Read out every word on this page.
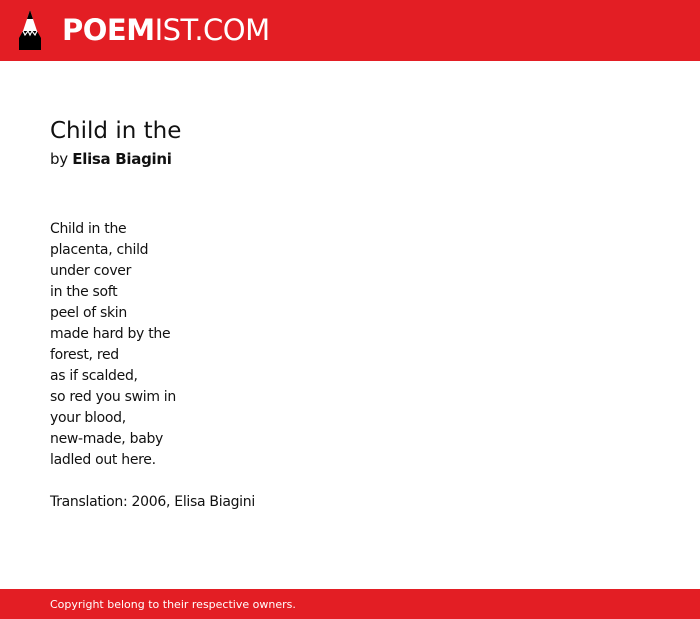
POEMIST.COM
Child in the
by Elisa Biagini
Child in the
placenta, child
under cover
in the soft
peel of skin
made hard by the
forest, red
as if scalded,
so red you swim in
your blood,
new-made, baby
ladled out here.
Translation: 2006, Elisa Biagini
Copyright belong to their respective owners.
